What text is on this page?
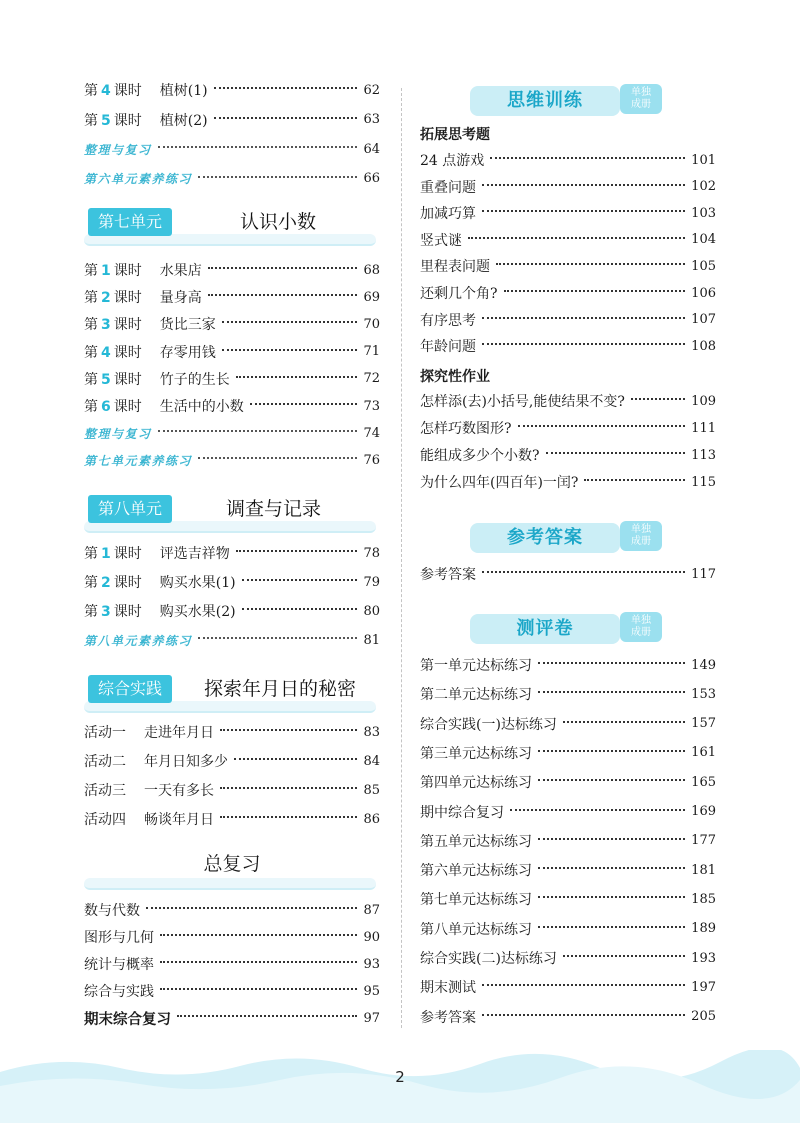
第 4 课时 植树(1)	62
第 5 课时 植树(2)	63
整理与复习	64
第六单元素养练习	66
第七单元	认识小数
第 1 课时 水果店	68
第 2 课时 量身高	69
第 3 课时 货比三家	70
第 4 课时 存零用钱	71
第 5 课时 竹子的生长	72
第 6 课时 生活中的小数	73
整理与复习	74
第七单元素养练习	76
第八单元	调查与记录
第 1 课时 评选吉祥物	78
第 2 课时 购买水果(1)	79
第 3 课时 购买水果(2)	80
第八单元素养练习	81
综合实践	探索年月日的秘密
活动一 走进年月日	83
活动二 年月日知多少	84
活动三 一天有多长	85
活动四 畅谈年月日	86
总复习
数与代数	87
图形与几何	90
统计与概率	93
综合与实践	95
期末综合复习	97
思维训练	单独
成册
拓展思考题
24 点游戏	101
重叠问题	102
加减巧算	103
竖式谜	104
里程表问题	105
还剩几个角?	106
有序思考	107
年龄问题	108
探究性作业
怎样添(去)小括号,能使结果不变?	109
怎样巧数图形?	111
能组成多少个小数?	113
为什么四年(四百年)一闰?	115
参考答案	单独
成册
参考答案	117
测评卷	单独
成册
第一单元达标练习	149
第二单元达标练习	153
综合实践(一)达标练习	157
第三单元达标练习	161
第四单元达标练习	165
期中综合复习	169
第五单元达标练习	177
第六单元达标练习	181
第七单元达标练习	185
第八单元达标练习	189
综合实践(二)达标练习	193
期末测试	197
参考答案	205
2
